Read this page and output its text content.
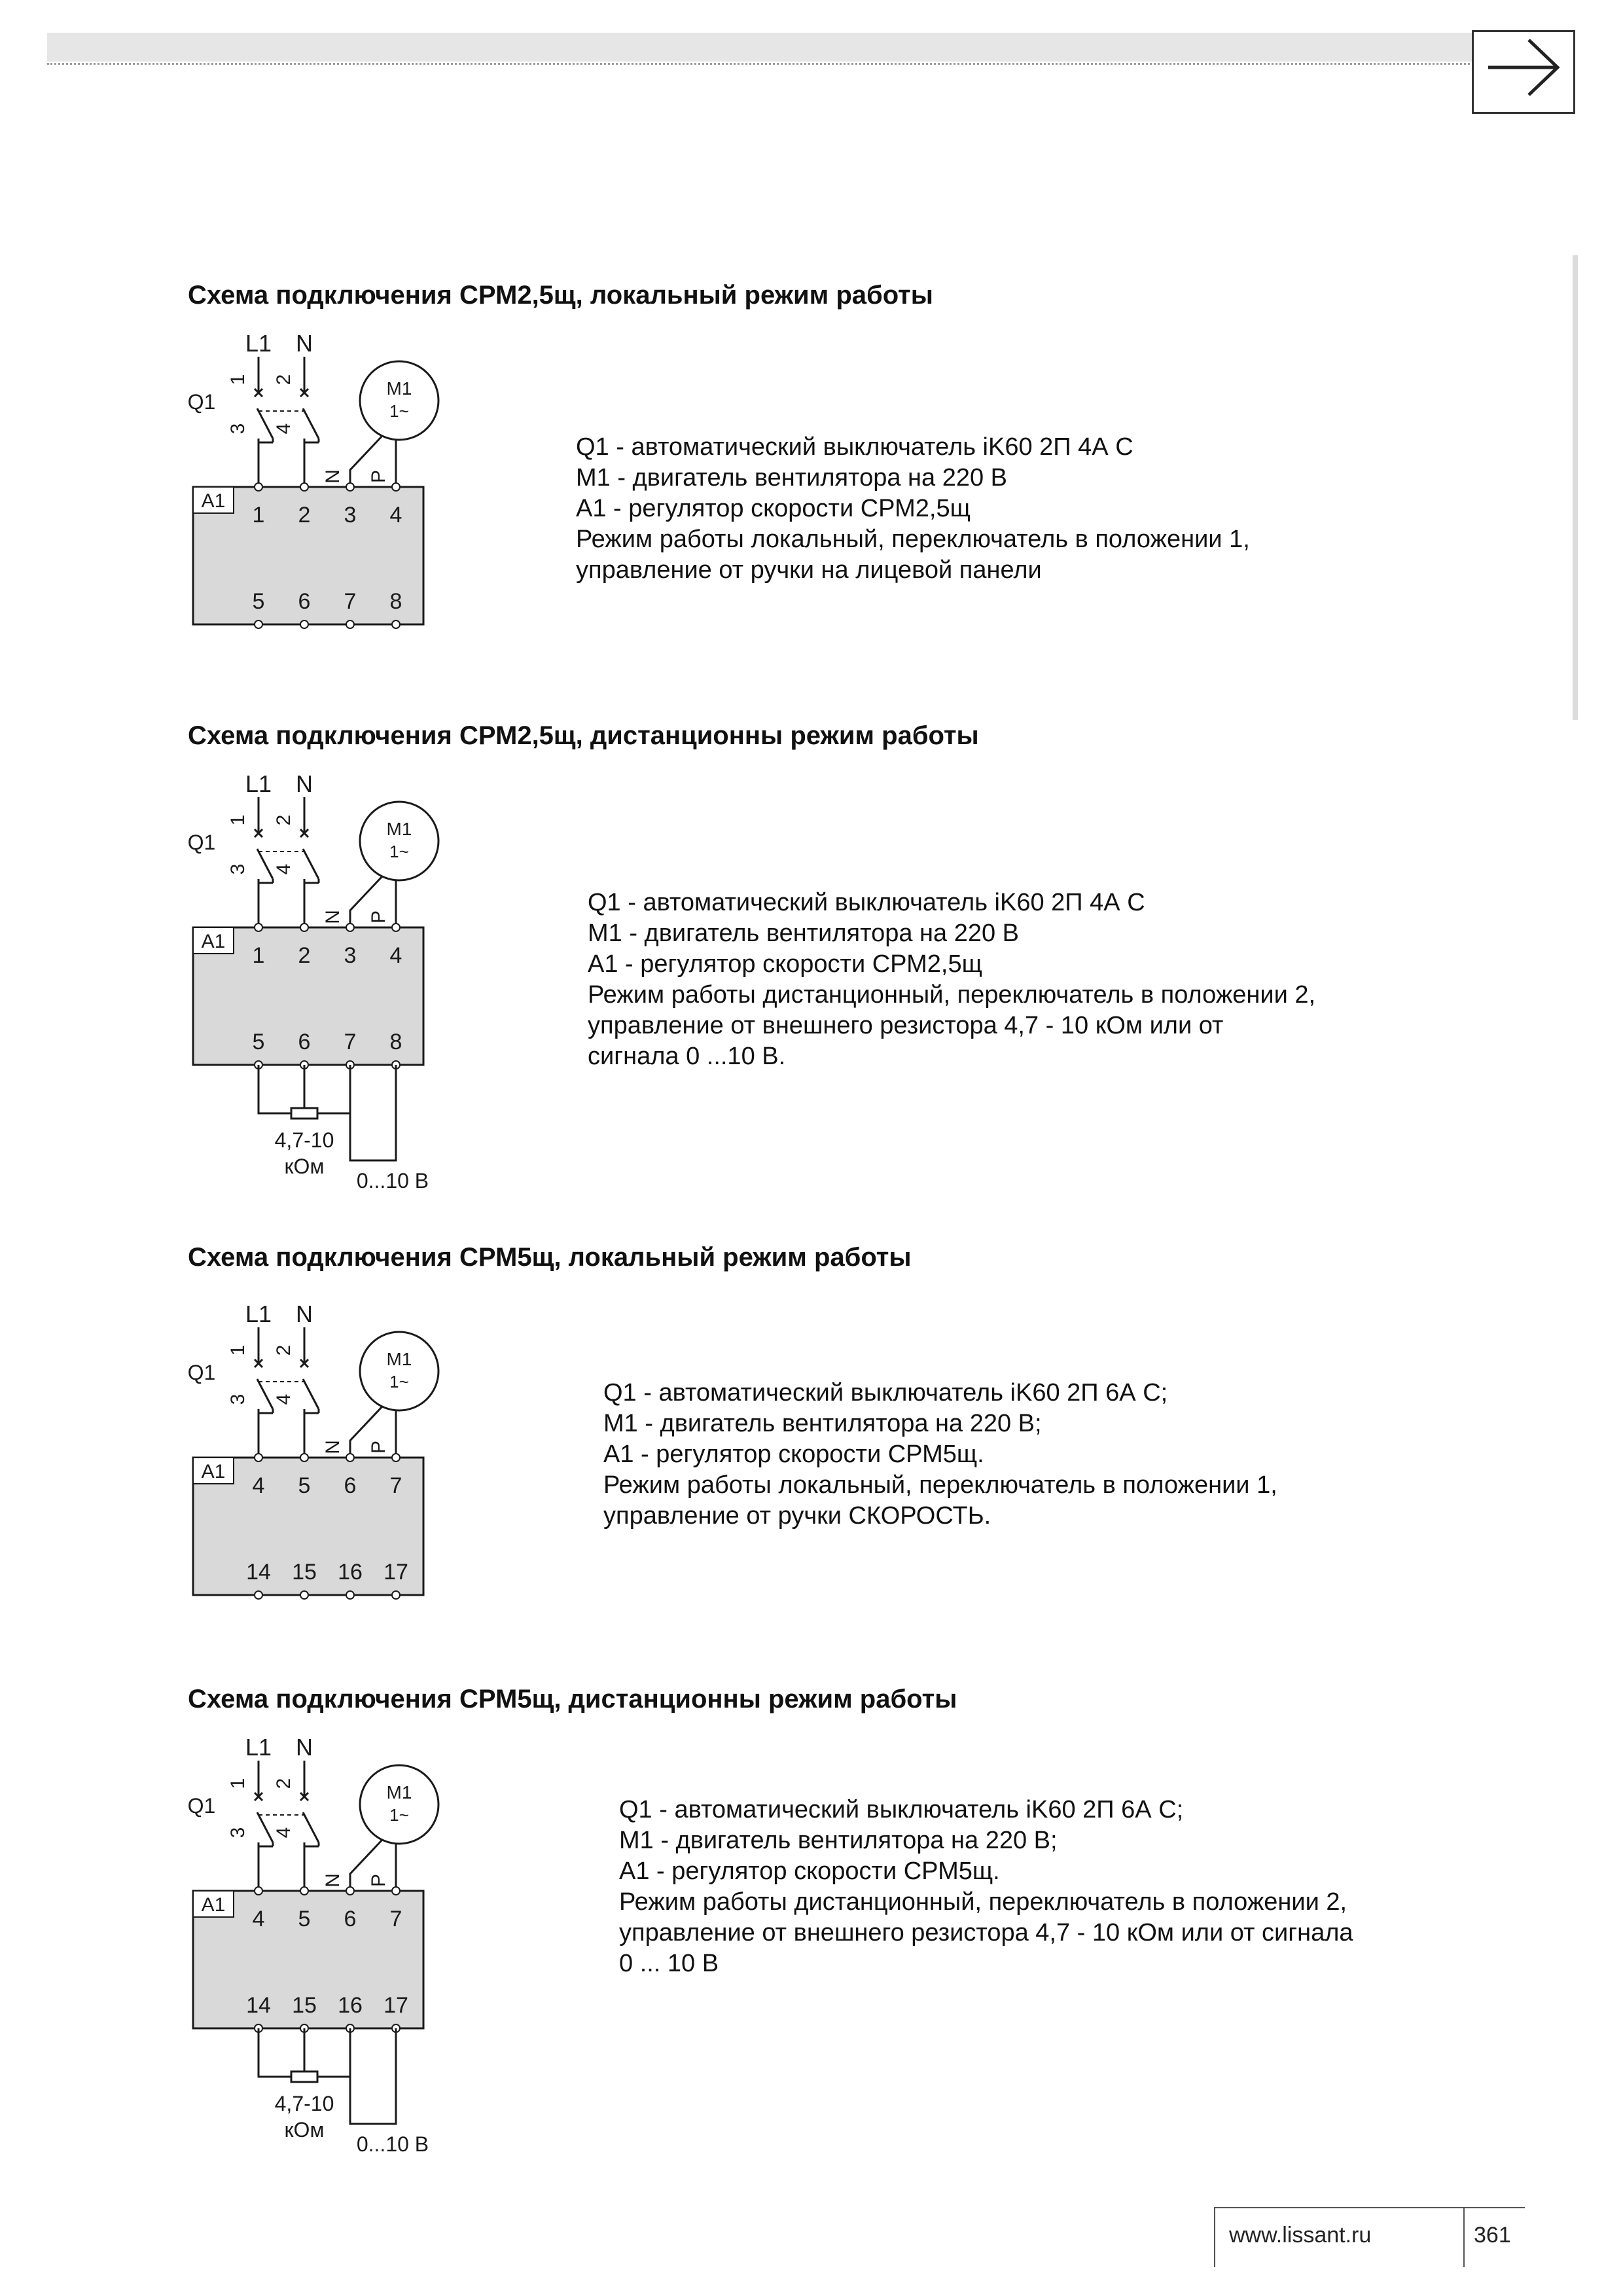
Схема подключения СРМ2,5щ, локальный режим работы
L1 N
Q1
1
3
2
4
M1
1~
N P
A1
1
5
2
6
3
7
4
8
Q1 - автоматический выключатель iK60 2П 4А С
М1 - двигатель вентилятора на 220 В
А1 - регулятор скорости СРМ2,5щ
Режим работы локальный, переключатель в положении 1,
управление от ручки на лицевой панели
Схема подключения СРМ2,5щ, дистанционны режим работы
L1 N
Q1
1
3
2
4
M1
1~
N P
A1
1
5
2
6
3
7
4
8
4,7-10
кОм
0...10 В
Q1 - автоматический выключатель iK60 2П 4А С
М1 - двигатель вентилятора на 220 В
А1 - регулятор скорости СРМ2,5щ
Режим работы дистанционный, переключатель в положении 2,
управление от внешнего резистора 4,7 - 10 кОм или от
сигнала 0 ...10 В.
Схема подключения СРМ5щ, локальный режим работы
L1 N
Q1
1
3
2
4
M1
1~
N P
A1
4
14
5
15
6
16
7
17
Q1 - автоматический выключатель iK60 2П 6А С;
М1 - двигатель вентилятора на 220 В;
А1 - регулятор скорости СРМ5щ.
Режим работы локальный, переключатель в положении 1,
управление от ручки СКОРОСТЬ.
Схема подключения СРМ5щ, дистанционны режим работы
L1 N
Q1
1
3
2
4
M1
1~
N P
A1
4
14
5
15
6
16
7
17
4,7-10
кОм
0...10 В
Q1 - автоматический выключатель iK60 2П 6А С;
М1 - двигатель вентилятора на 220 В;
А1 - регулятор скорости СРМ5щ.
Режим работы дистанционный, переключатель в положении 2,
управление от внешнего резистора 4,7 - 10 кОм или от сигнала
0 ... 10 В
www.lissant.ru	361
